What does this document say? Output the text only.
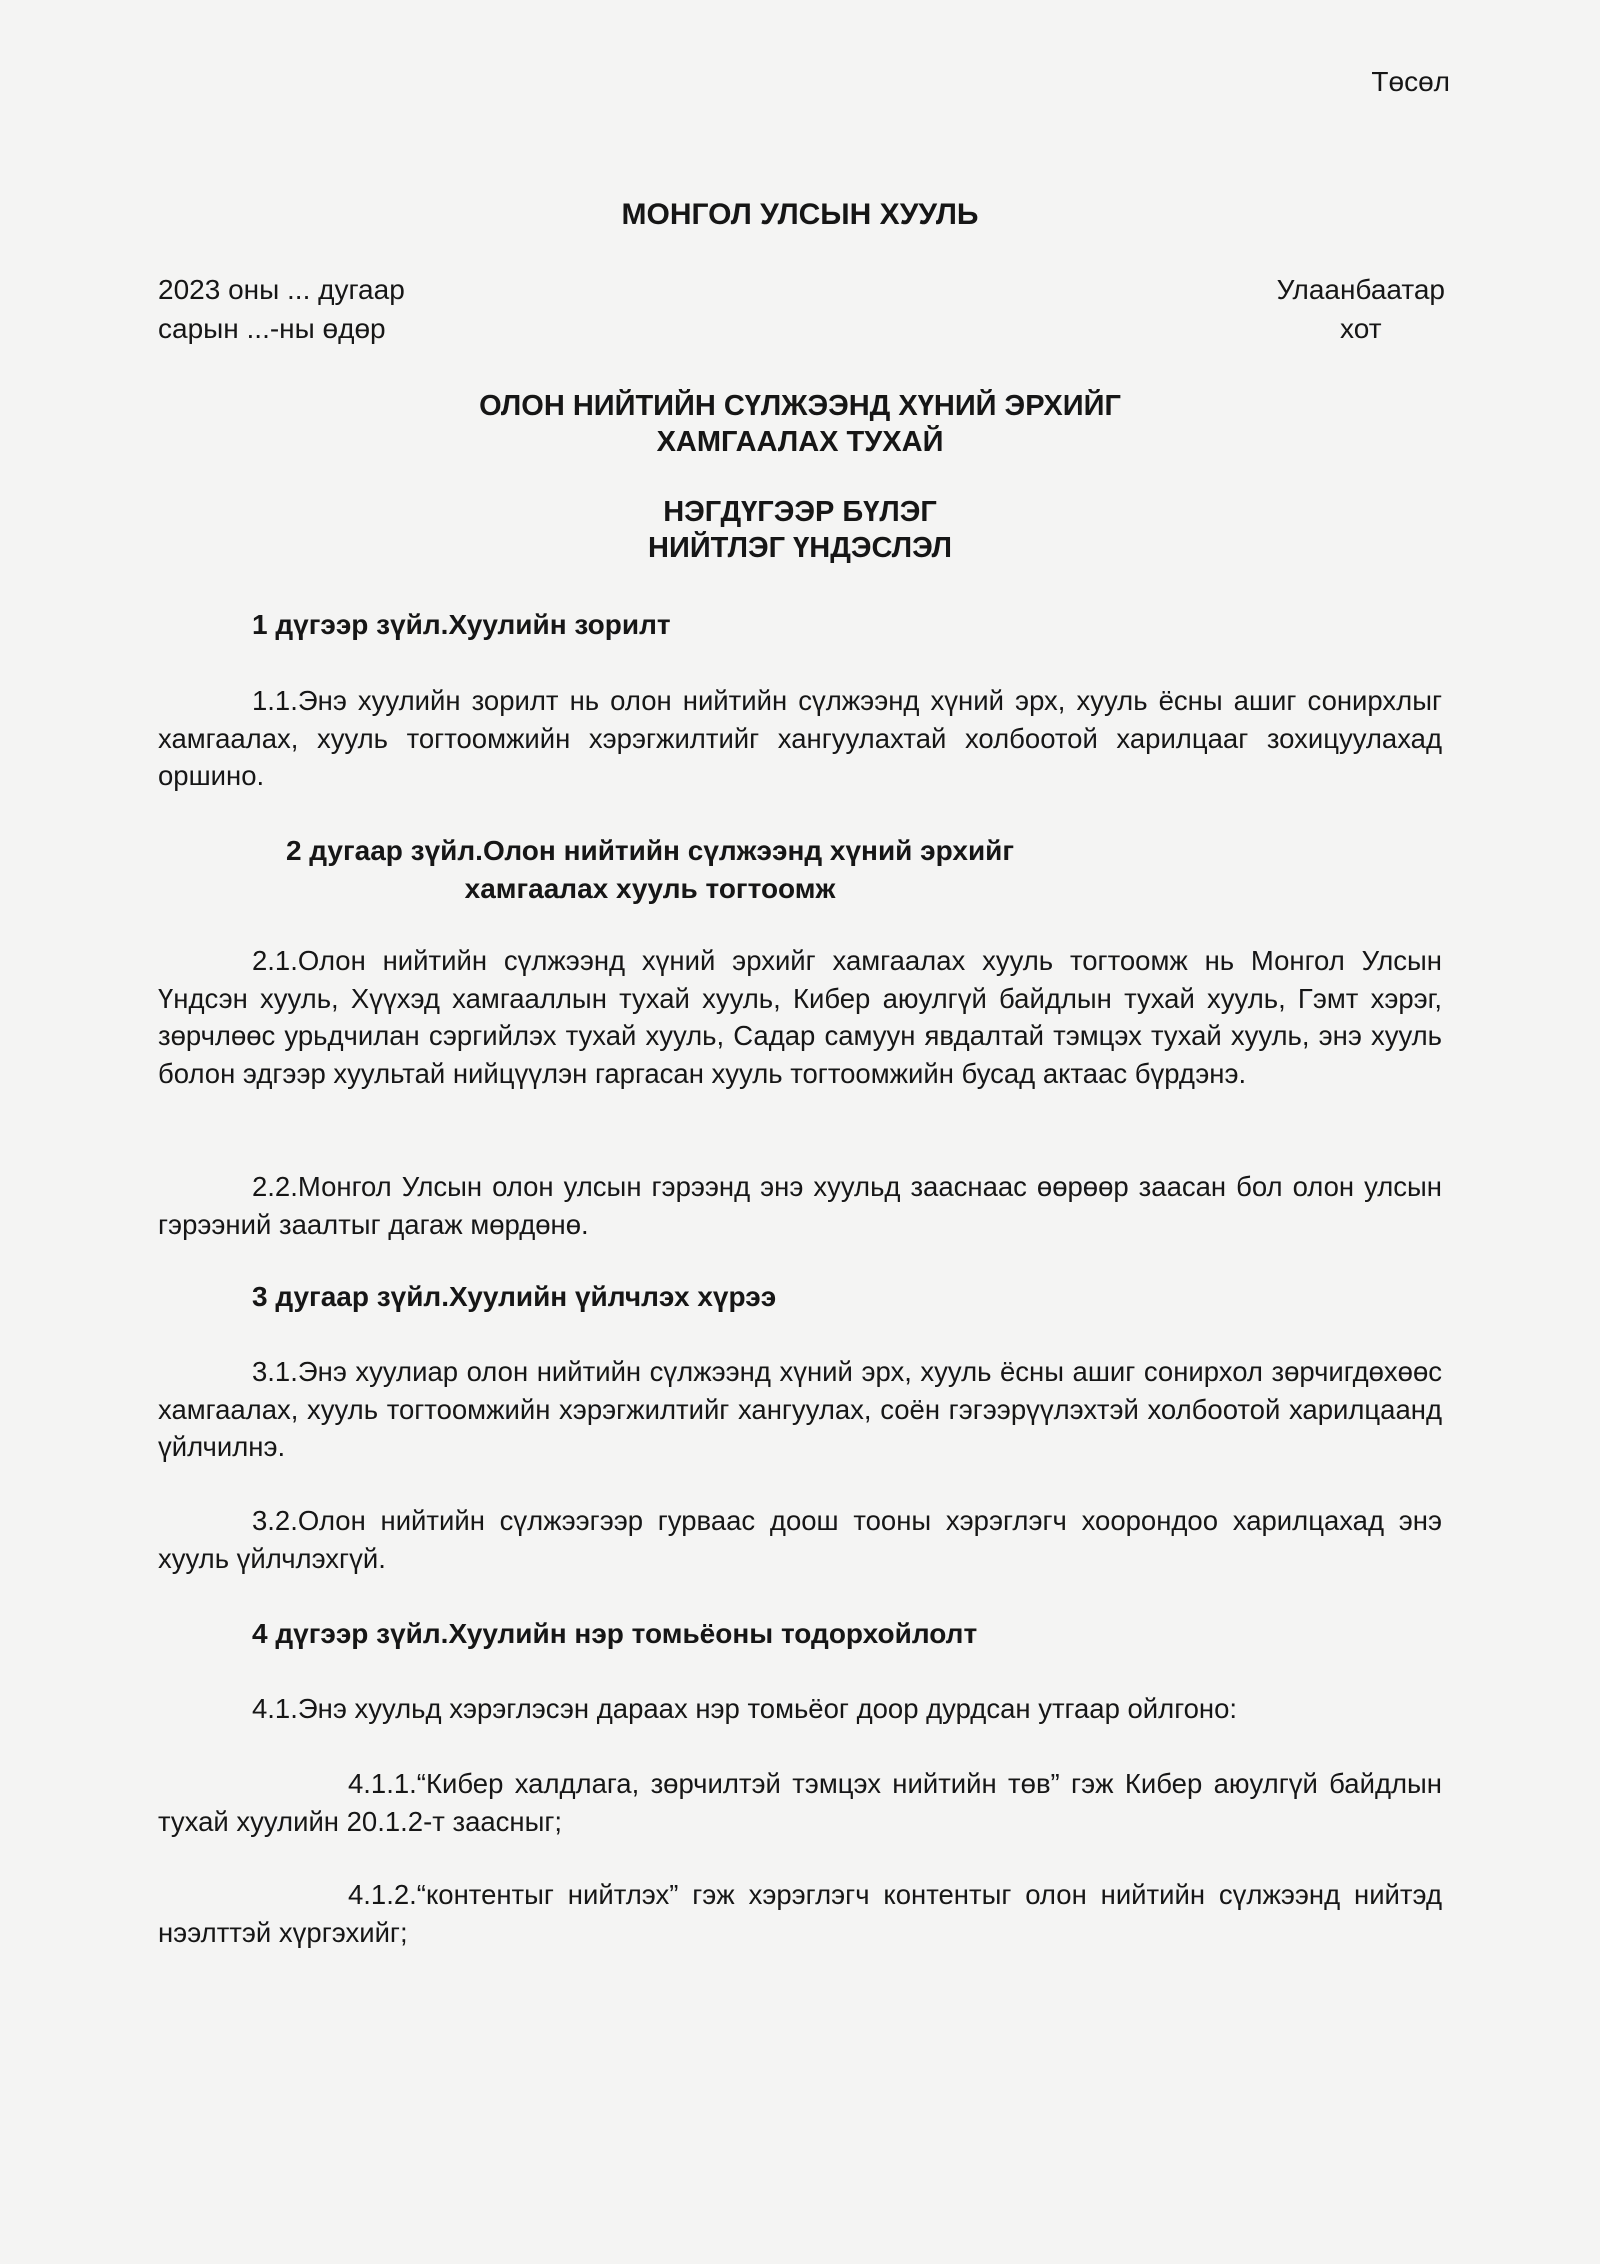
Төсөл
МОНГОЛ УЛСЫН ХУУЛЬ
2023 оны ... дугаар
сарын ...-ны өдөр
Улаанбаатар
хот
ОЛОН НИЙТИЙН СҮЛЖЭЭНД ХҮНИЙ ЭРХИЙГ
ХАМГААЛАХ ТУХАЙ
НЭГДҮГЭЭР БҮЛЭГ
НИЙТЛЭГ ҮНДЭСЛЭЛ
1 дүгээр зүйл.Хуулийн зорилт

1.1.Энэ хуулийн зорилт нь олон нийтийн сүлжээнд хүний эрх, хууль ёсны ашиг сонирхлыг хамгаалах, хууль тогтоомжийн хэрэгжилтийг хангуулахтай холбоотой харилцааг зохицуулахад оршино.

2 дугаар зүйл.Олон нийтийн сүлжээнд хүний эрхийг
хамгаалах хууль тогтоомж

2.1.Олон нийтийн сүлжээнд хүний эрхийг хамгаалах хууль тогтоомж нь Монгол Улсын Үндсэн хууль, Хүүхэд хамгааллын тухай хууль, Кибер аюулгүй байдлын тухай хууль, Гэмт хэрэг, зөрчлөөс урьдчилан сэргийлэх тухай хууль, Садар самуун явдалтай тэмцэх тухай хууль, энэ хууль болон эдгээр хуультай нийцүүлэн гаргасан хууль тогтоомжийн бусад актаас бүрдэнэ.

2.2.Монгол Улсын олон улсын гэрээнд энэ хуульд зааснаас өөрөөр заасан бол олон улсын гэрээний заалтыг дагаж мөрдөнө.

3 дугаар зүйл.Хуулийн үйлчлэх хүрээ

3.1.Энэ хуулиар олон нийтийн сүлжээнд хүний эрх, хууль ёсны ашиг сонирхол зөрчигдөхөөс хамгаалах, хууль тогтоомжийн хэрэгжилтийг хангуулах, соён гэгээрүүлэхтэй холбоотой харилцаанд үйлчилнэ.

3.2.Олон нийтийн сүлжээгээр гурваас доош тооны хэрэглэгч хоорондоо харилцахад энэ хууль үйлчлэхгүй.

4 дүгээр зүйл.Хуулийн нэр томьёоны тодорхойлолт

4.1.Энэ хуульд хэрэглэсэн дараах нэр томьёог доор дурдсан утгаар ойлгоно:

4.1.1.“Кибер халдлага, зөрчилтэй тэмцэх нийтийн төв” гэж Кибер аюулгүй байдлын тухай хуулийн 20.1.2-т заасныг;

4.1.2.“контентыг нийтлэх” гэж хэрэглэгч контентыг олон нийтийн сүлжээнд нийтэд нээлттэй хүргэхийг;
